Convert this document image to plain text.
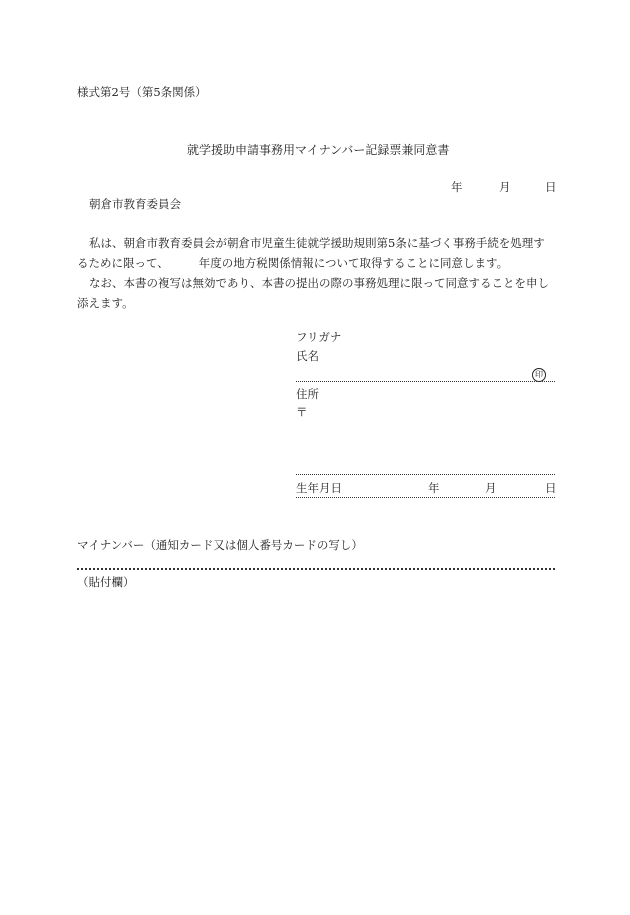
様式第2号（第5条関係）
就学援助申請事務用マイナンバー記録票兼同意書
年	月	日
朝倉市教育委員会

私は、朝倉市教育委員会が朝倉市児童生徒就学援助規則第5条に基づく事務手続を処理するために限って、	年度の地方税関係情報について取得することに同意します。

なお、本書の複写は無効であり、本書の提出の際の事務処理に限って同意することを申し添えます。

フリガナ
氏名
印
住所
〒
生年月日	年	月	日
マイナンバー（通知カード又は個人番号カードの写し）
（貼付欄）
